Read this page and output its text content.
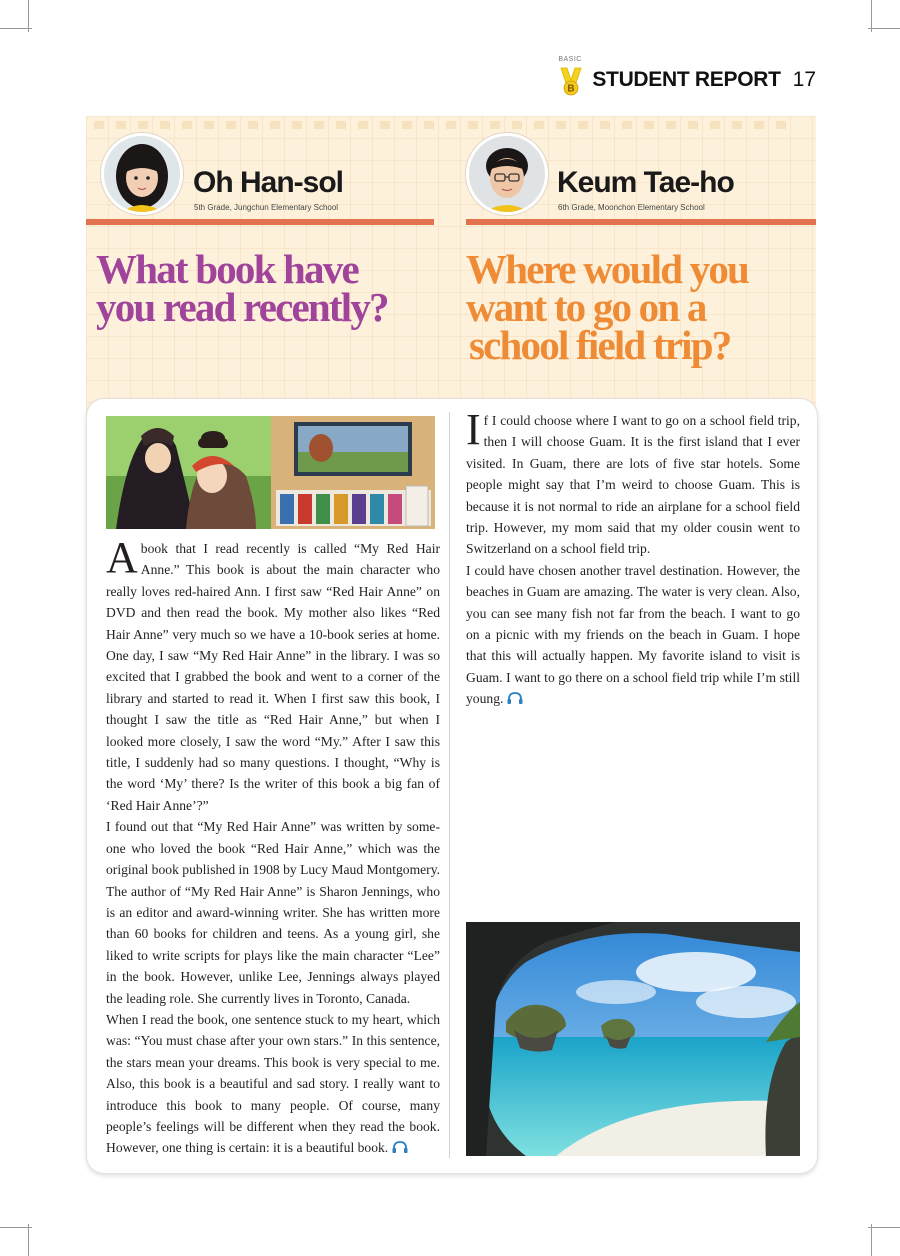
BASIC
B STUDENT REPORT 17
Oh Han-sol
5th Grade, Jungchun Elementary School
What book have
you read recently?
Keum Tae-ho
6th Grade, Moonchon Elementary School
Where would you
want to go on a
school field trip?

Abook that I read recently is called “My Red Hair Anne.” This book is about the main character who really loves red-haired Ann. I first saw “Red Hair Anne” on DVD and then read the book. My mother also likes “Red Hair Anne” very much so we have a 10-book series at home. One day, I saw “My Red Hair Anne” in the library. I was so excited that I grabbed the book and went to a corner of the library and started to read it. When I first saw this book, I thought I saw the title as “Red Hair Anne,” but when I looked more closely, I saw the word “My.” After I saw this title, I suddenly had so many questions. I thought, “Why is the word ‘My’ there? Is the writer of this book a big fan of ‘Red Hair Anne’?”

I found out that “My Red Hair Anne” was written by some-one who loved the book “Red Hair Anne,” which was the original book published in 1908 by Lucy Maud Montgomery. The author of “My Red Hair Anne” is Sharon Jennings, who is an editor and award-winning writer. She has written more than 60 books for children and teens. As a young girl, she liked to write scripts for plays like the main character “Lee” in the book. However, unlike Lee, Jennings always played the leading role. She currently lives in Toronto, Canada.

When I read the book, one sentence stuck to my heart, which was: “You must chase after your own stars.” In this sentence, the stars mean your dreams. This book is very special to me. Also, this book is a beautiful and sad story. I really want to introduce this book to many people. Of course, many people’s feelings will be different when they read the book. However, one thing is certain: it is a beautiful book.

If I could choose where I want to go on a school field trip, then I will choose Guam. It is the first island that I ever visited. In Guam, there are lots of five star hotels. Some people might say that I’m weird to choose Guam. This is because it is not normal to ride an airplane for a school field trip. However, my mom said that my older cousin went to Switzerland on a school field trip.

I could have chosen another travel destination. However, the beaches in Guam are amazing. The water is very clean. Also, you can see many fish not far from the beach. I want to go on a picnic with my friends on the beach in Guam. I hope that this will actually happen. My favorite island to visit is Guam. I want to go there on a school field trip while I’m still young.
